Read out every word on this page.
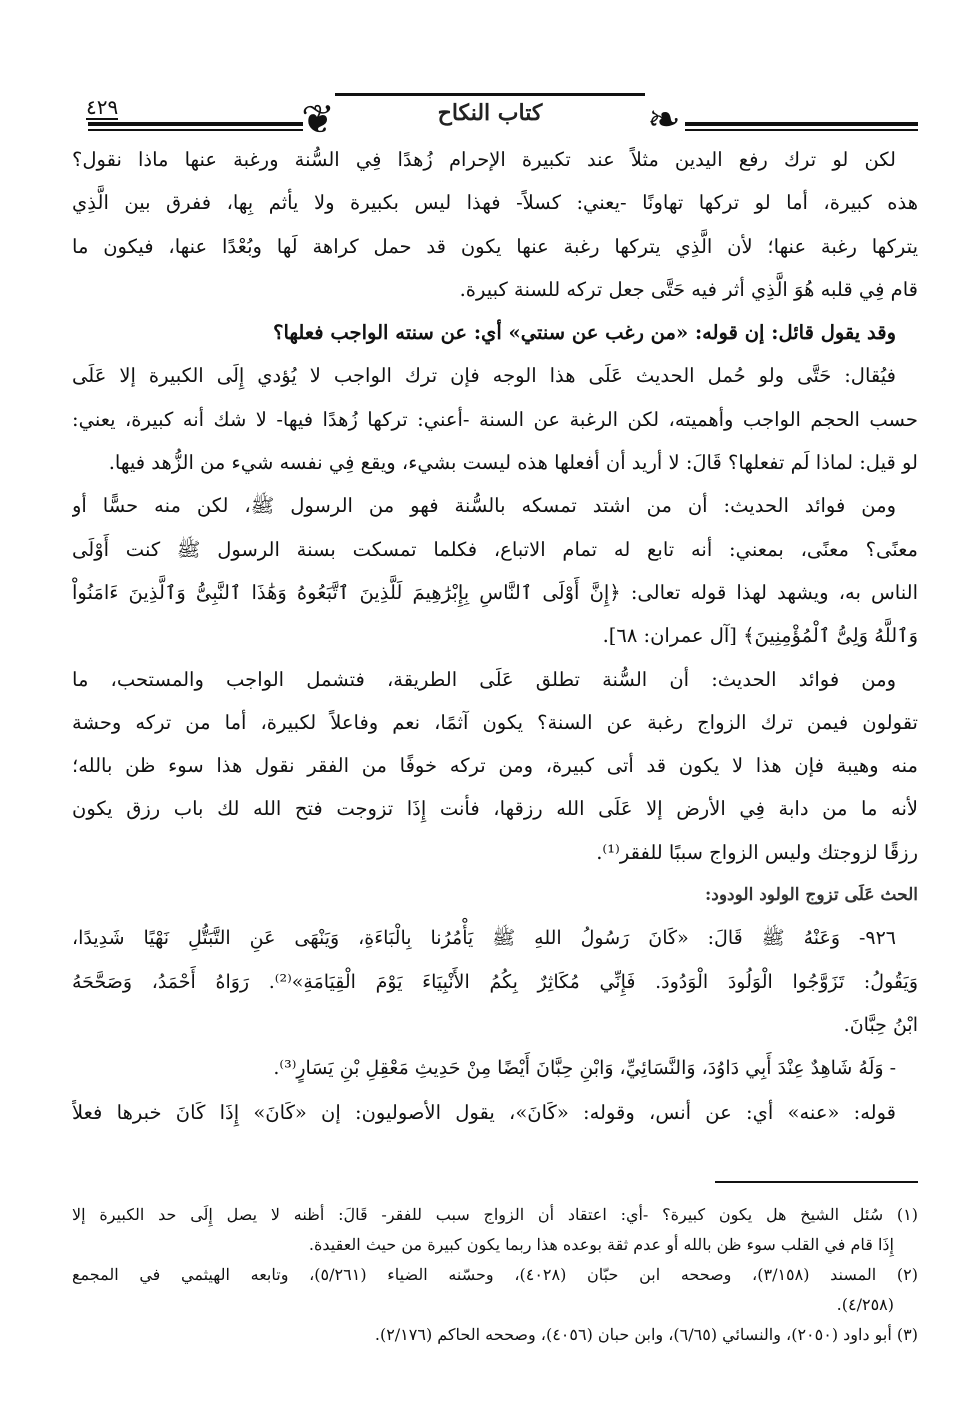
❦	❧
كتاب النكاح
٤٢٩
لكن لو ترك رفع اليدين مثلاً عند تكبيرة الإحرام زُهدًا فِي السُّنة ورغبة عنها ماذا نقول؟
هذه كبيرة، أما لو تركها تهاونًا -يعني: كسلاً- فهذا ليس بكبيرة ولا يأثم بِها، ففرق بين الَّذِي
يتركها رغبة عنها؛ لأن الَّذِي يتركها رغبة عنها يكون قد حمل كراهة لَها وبُعْدًا عنها، فيكون ما
قام فِي قلبه هُوَ الَّذِي أثر فيه حَتَّى جعل تركه للسنة كبيرة.
وقد يقول قائل: إن قوله: «من رغب عن سنتي» أي: عن سنته الواجب فعلها؟
فيُقال: حَتَّى ولو حُمل الحديث عَلَى هذا الوجه فإن ترك الواجب لا يُؤدي إِلَى الكبيرة إلا عَلَى
حسب الحجم الواجب وأهميته، لكن الرغبة عن السنة -أعني: تركها زُهدًا فيها- لا شك أنه كبيرة، يعني:
لو قيل: لماذا لَم تفعلها؟ قَالَ: لا أريد أن أفعلها هذه ليست بشيء، ويقع فِي نفسه شيء من الزُّهد فيها.
ومن فوائد الحديث: أن من اشتد تمسكه بالسُّنة فهو من الرسول ﷺ، لكن منه حسًّا أو
معنًى؟ معنًى، بمعني: أنه تابع له تمام الاتباع، فكلما تمسكت بسنة الرسول ﷺ كنت أَوْلَى
الناس به، ويشهد لهذا قوله تعالى: ﴿إِنَّ أَوْلَى ٱلنَّاسِ بِإِبْرَٰهِيمَ لَلَّذِينَ ٱتَّبَعُوهُ وَهَٰذَا ٱلنَّبِىُّ وَٱلَّذِينَ ءَامَنُواْ
وَٱللَّهُ وَلِىُّ ٱلْمُؤْمِنِينَ﴾ [آل عمران: ٦٨].
ومن فوائد الحديث: أن السُّنة تطلق عَلَى الطريقة، فتشمل الواجب والمستحب، ما
تقولون فيمن ترك الزواج رغبة عن السنة؟ يكون آثمًا، نعم وفاعلاً لكبيرة، أما من تركه وحشة
منه وهيبة فإن هذا لا يكون قد أتى كبيرة، ومن تركه خوفًا من الفقر نقول هذا سوء ظن بالله؛
لأنه ما من دابة فِي الأرض إلا عَلَى الله رزقها، فأنت إِذَا تزوجت فتح الله لك باب رزق يكون
رزقًا لزوجتك وليس الزواج سببًا للفقر⁽¹⁾.
الحث عَلَى تزوج الولود الودود:
٩٢٦- وَعَنْهُ ﷺ قَالَ: «كَانَ رَسُولُ اللهِ ﷺ يَأْمُرُنا بِالْبَاءَةِ، وَيَنْهَى عَنِ التَّبَتُّلِ نَهْيًا شَدِيدًا،
وَيَقُولُ: تَزَوَّجُوا الْوَلُودَ الْوَدُودَ. فَإِنِّي مُكَاثِرٌ بِكُمُ الأَنْبِيَاءَ يَوْمَ الْقِيَامَةِ»⁽²⁾. رَوَاهُ أَحْمَدُ، وَصَحَّحَهُ
ابْنُ حِبَّانَ.
- وَلَهُ شَاهِدٌ عِنْدَ أَبِي دَاوُدَ، وَالنَّسَائِيِّ، وَابْنِ حِبَّانَ أَيْضًا مِنْ حَدِيثِ مَعْقِلِ بْنِ يَسَارٍ⁽³⁾.
قوله: «عنه» أي: عن أنس، وقوله: «كَانَ»، يقول الأصوليون: إن «كَانَ» إِذَا كَانَ خبرها فعلاً
(١) سُئل الشيخ هل يكون كبيرة؟ -أي: اعتقاد أن الزواج سبب للفقر- قَالَ: أظنه لا يصل إِلَى حد الكبيرة إلا
إِذَا قام في القلب سوء ظن بالله أو عدم ثقة بوعده هذا ربما يكون كبيرة من حيث العقيدة.
(٢) المسند (٣/١٥٨)، وصححه ابن حبّان (٤٠٢٨)، وحسّنه الضياء (٥/٢٦١)، وتابعه الهيثمي في المجمع
(٤/٢٥٨).
(٣) أبو داود (٢٠٥٠)، والنسائي (٦/٦٥)، وابن حبان (٤٠٥٦)، وصححه الحاكم (٢/١٧٦).
